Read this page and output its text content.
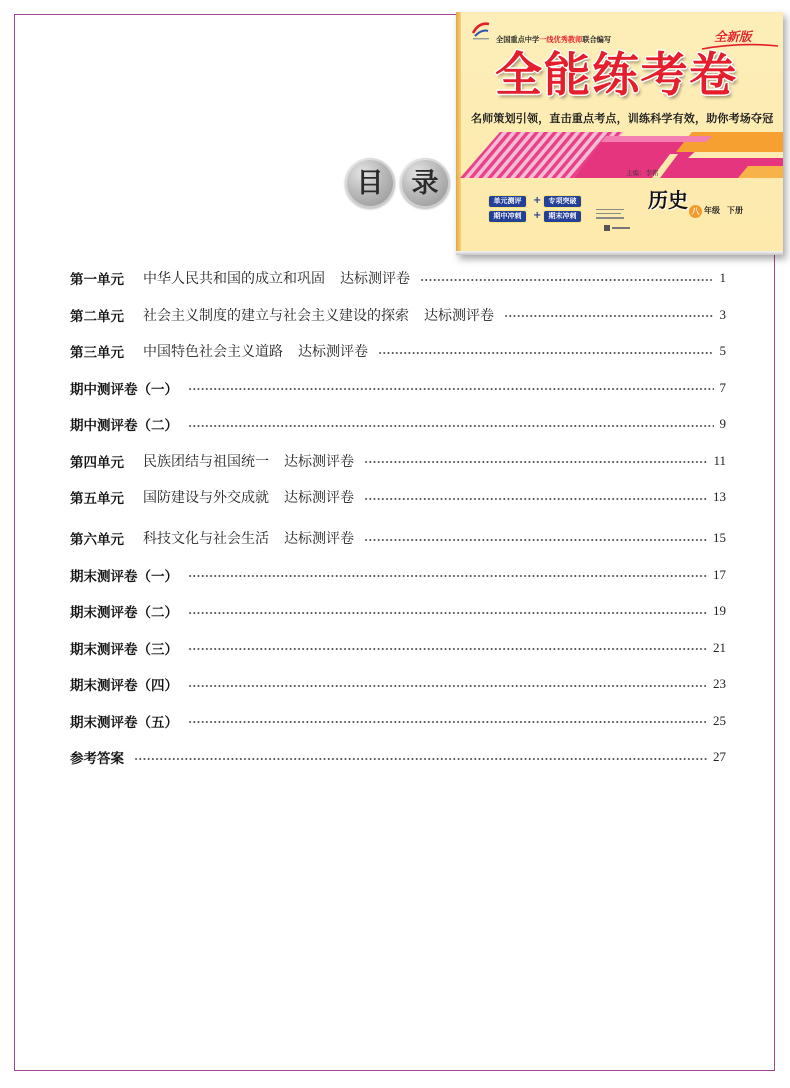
目	录
全国重点中学一线优秀教师联合编写	全新版
全能练考卷
名师策划引领，直击重点考点，训练科学有效，助你考场夺冠
主编：李铭
单元测评	+	专项突破
期中冲刺	+	期末冲刺
历史 八 年级 下册
第一单元 中华人民共和国的成立和巩固 达标测评卷	1
第二单元 社会主义制度的建立与社会主义建设的探索 达标测评卷	3
第三单元 中国特色社会主义道路 达标测评卷	5
期中测评卷（一）	7
期中测评卷（二）	9
第四单元 民族团结与祖国统一 达标测评卷	11
第五单元 国防建设与外交成就 达标测评卷	13
第六单元 科技文化与社会生活 达标测评卷	15
期末测评卷（一）	17
期末测评卷（二）	19
期末测评卷（三）	21
期末测评卷（四）	23
期末测评卷（五）	25
参考答案	27
